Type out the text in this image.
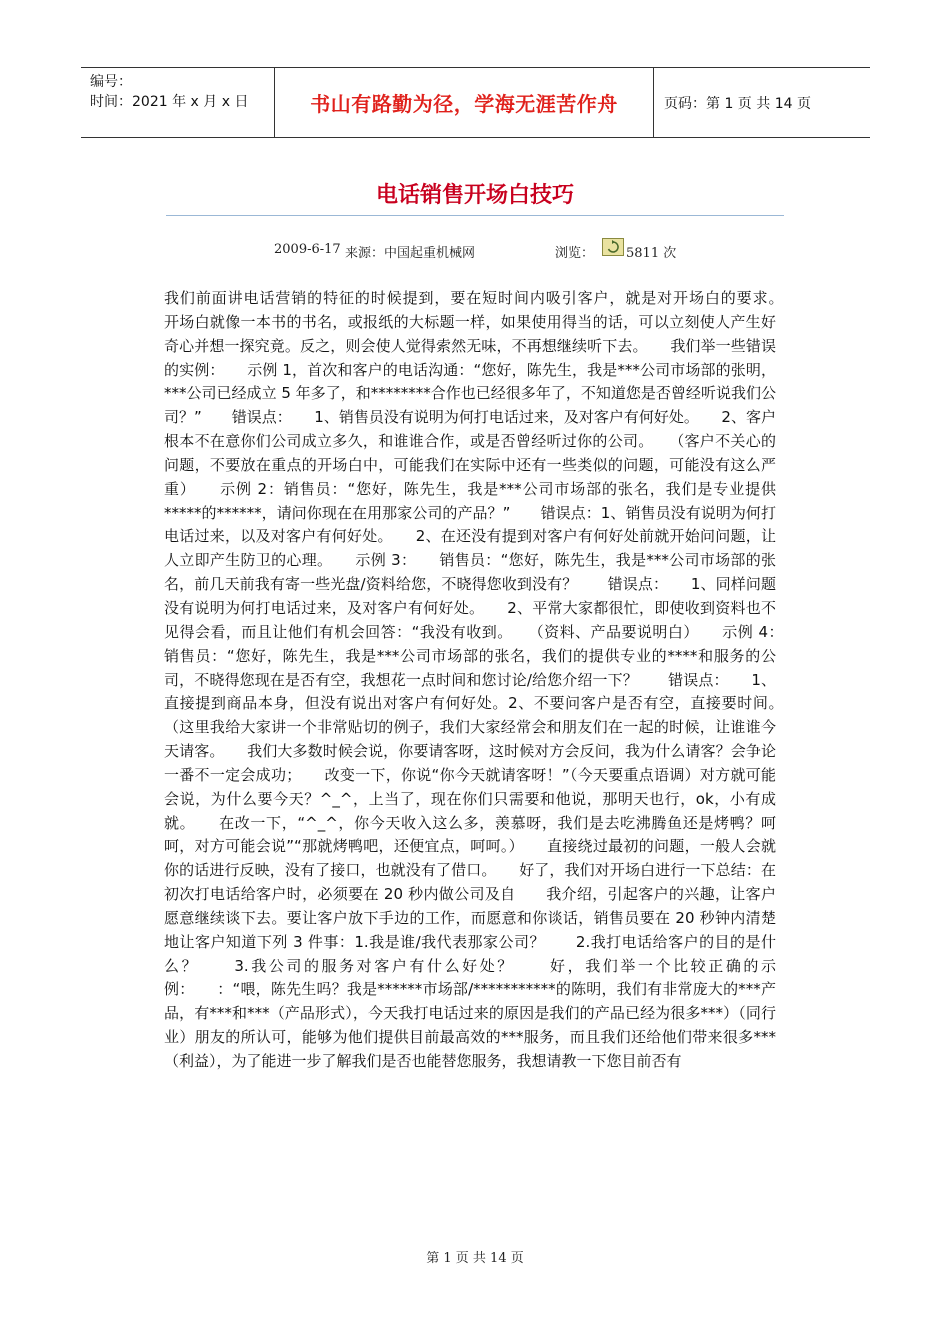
编号：
时间：2021 年 x 月 x 日	书山有路勤为径，学海无涯苦作舟	页码：第 1 页 共 14 页
电话销售开场白技巧
2009-6-17 来源：中国起重机械网	浏览： 5811 次
我们前面讲电话营销的特征的时候提到，要在短时间内吸引客户，就是对开场白的要求。　　开场白就像一本书的书名，或报纸的大标题一样，如果使用得当的话，可以立刻使人产生好奇心并想一探究竟。反之，则会使人觉得索然无味，不再想继续听下去。　　我们举一些错误的实例：　　示例 1，首次和客户的电话沟通：“您好，陈先生，我是***公司市场部的张明，***公司已经成立 5 年多了，和********合作也已经很多年了，不知道您是否曾经听说我们公司？”　　错误点：　　1、销售员没有说明为何打电话过来，及对客户有何好处。　　2、客户根本不在意你们公司成立多久，和谁谁合作，或是否曾经听过你的公司。　　（客户不关心的问题，不要放在重点的开场白中，可能我们在实际中还有一些类似的问题，可能没有这么严重）　　示例 2：销售员：“您好，陈先生，我是***公司市场部的张名，我们是专业提供*****的******，请问你现在在用那家公司的产品？”　　错误点：1、销售员没有说明为何打电话过来，以及对客户有何好处。　　2、在还没有提到对客户有何好处前就开始问问题，让人立即产生防卫的心理。　　示例 3：　　销售员：“您好，陈先生，我是***公司市场部的张名，前几天前我有寄一些光盘/资料给您，不晓得您收到没有？　　错误点：　　1、同样问题没有说明为何打电话过来，及对客户有何好处。　　2、平常大家都很忙，即使收到资料也不见得会看，而且让他们有机会回答：“我没有收到。　　（资料、产品要说明白）　　示例 4：　　销售员：“您好，陈先生，我是***公司市场部的张名，我们的提供专业的****和服务的公司，不晓得您现在是否有空，我想花一点时间和您讨论/给您介绍一下？　　错误点：　　1、直接提到商品本身，但没有说出对客户有何好处。2、不要问客户是否有空，直接要时间。　　（这里我给大家讲一个非常贴切的例子，我们大家经常会和朋友们在一起的时候，让谁谁今天请客。　　我们大多数时候会说，你要请客呀，这时候对方会反问，我为什么请客？会争论一番不一定会成功；　　改变一下，你说“你今天就请客呀！”（今天要重点语调）对方就可能会说，为什么要今天？^_^，上当了，现在你们只需要和他说，那明天也行，ok，小有成就。　　在改一下，“^_^，你今天收入这么多，羡慕呀，我们是去吃沸腾鱼还是烤鸭？呵呵，对方可能会说”“那就烤鸭吧，还便宜点，呵呵。）　　直接绕过最初的问题，一般人会就你的话进行反映，没有了接口，也就没有了借口。　　好了，我们对开场白进行一下总结：在初次打电话给客户时，必须要在 20 秒内做公司及自　　我介绍，引起客户的兴趣，让客户愿意继续谈下去。要让客户放下手边的工作，而愿意和你谈话，销售员要在 20 秒钟内清楚地让客户知道下列 3 件事：1.我是谁/我代表那家公司？　　2.我打电话给客户的目的是什么？　　3.我公司的服务对客户有什么好处？　　好，我们举一个比较正确的示例：　　：“喂，陈先生吗？我是******市场部/***********的陈明，我们有非常庞大的***产品，有***和***（产品形式），今天我打电话过来的原因是我们的产品已经为很多***）（同行业）朋友的所认可，能够为他们提供目前最高效的***服务，而且我们还给他们带来很多***（利益），为了能进一步了解我们是否也能替您服务，我想请教一下您目前否有
第 1 页 共 14 页
